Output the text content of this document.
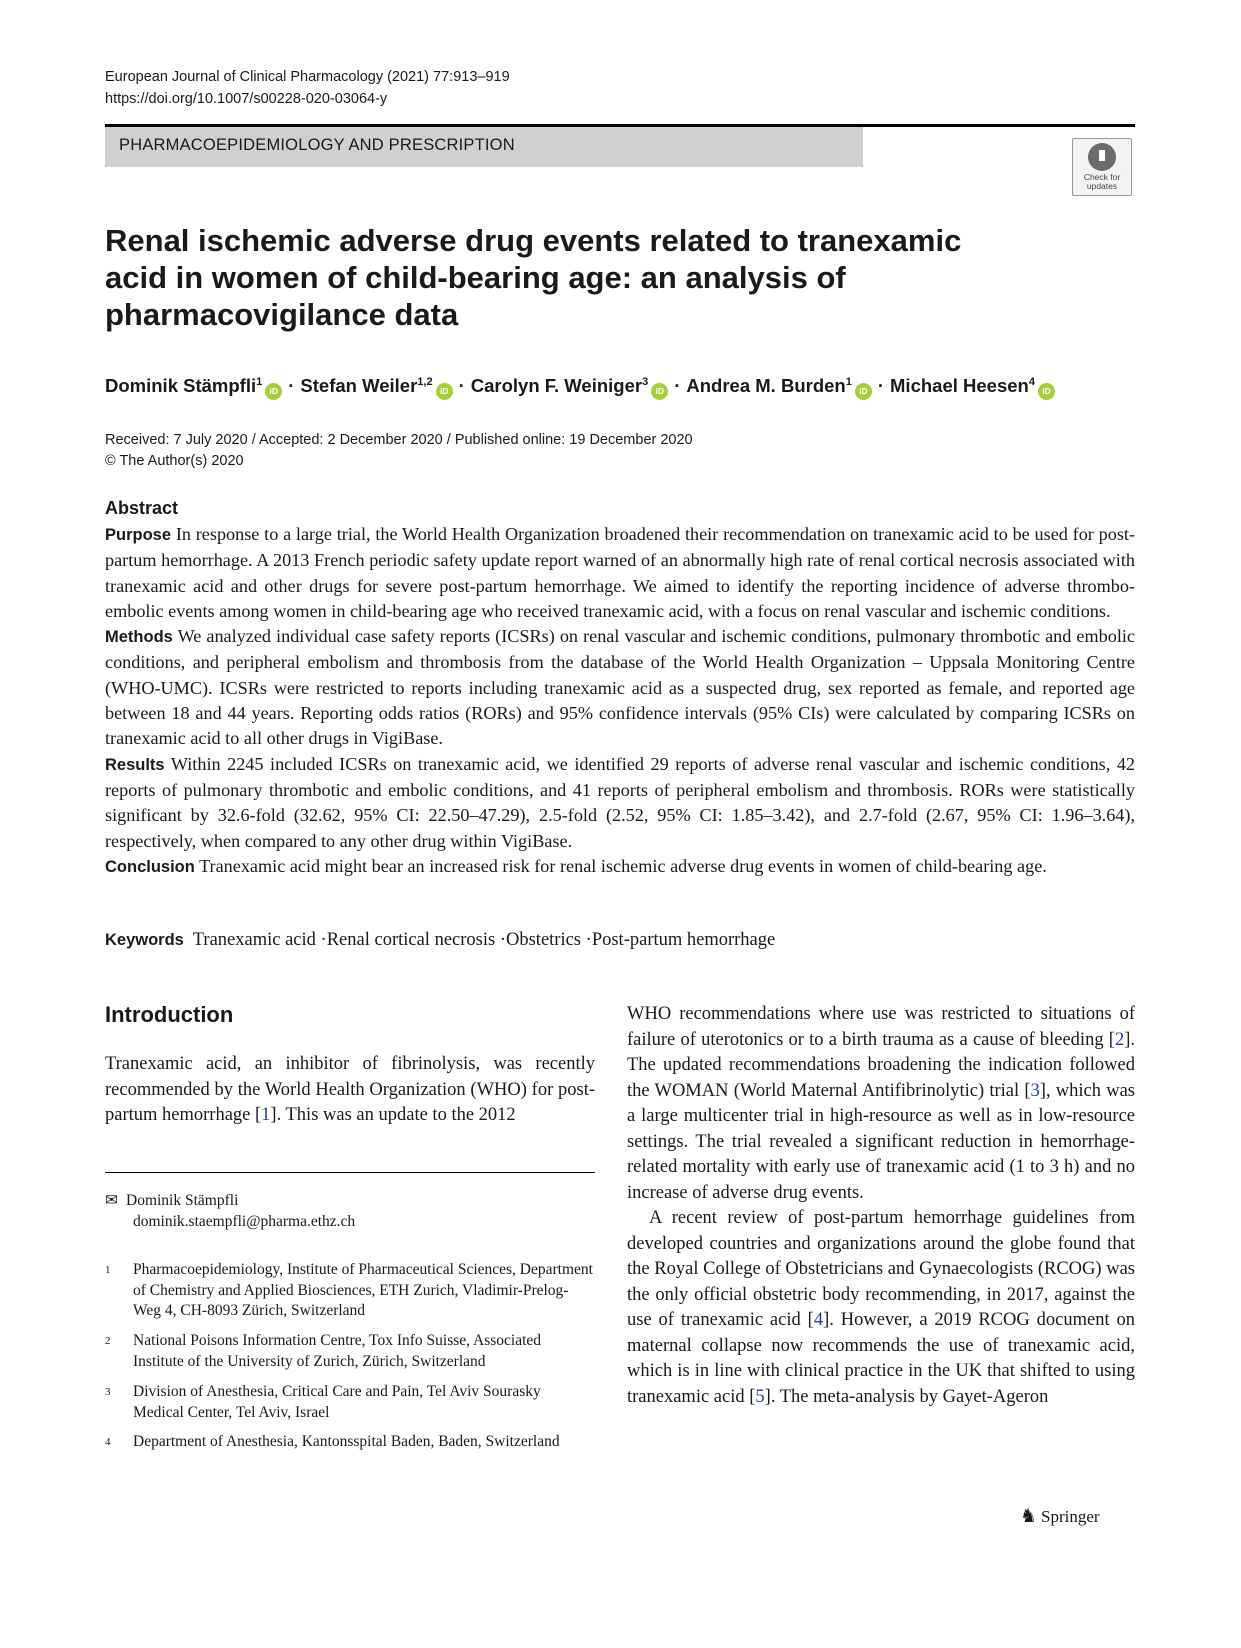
European Journal of Clinical Pharmacology (2021) 77:913–919
https://doi.org/10.1007/s00228-020-03064-y
PHARMACOEPIDEMIOLOGY AND PRESCRIPTION
Check for
updates
Renal ischemic adverse drug events related to tranexamic acid in women of child-bearing age: an analysis of pharmacovigilance data
Dominik Stämpfli$^1$iD · Stefan Weiler$^{1,2}$iD · Carolyn F. Weiniger$^3$iD · Andrea M. Burden$^1$iD · Michael Heesen$^4$iD
Received: 7 July 2020 / Accepted: 2 December 2020 / Published online: 19 December 2020
© The Author(s) 2020
Abstract

Purpose In response to a large trial, the World Health Organization broadened their recommendation on tranexamic acid to be used for post-partum hemorrhage. A 2013 French periodic safety update report warned of an abnormally high rate of renal cortical necrosis associated with tranexamic acid and other drugs for severe post-partum hemorrhage. We aimed to identify the reporting incidence of adverse thrombo-embolic events among women in child-bearing age who received tranexamic acid, with a focus on renal vascular and ischemic conditions.

Methods We analyzed individual case safety reports (ICSRs) on renal vascular and ischemic conditions, pulmonary thrombotic and embolic conditions, and peripheral embolism and thrombosis from the database of the World Health Organization – Uppsala Monitoring Centre (WHO-UMC). ICSRs were restricted to reports including tranexamic acid as a suspected drug, sex reported as female, and reported age between 18 and 44 years. Reporting odds ratios (RORs) and 95% confidence intervals (95% CIs) were calculated by comparing ICSRs on tranexamic acid to all other drugs in VigiBase.

Results Within 2245 included ICSRs on tranexamic acid, we identified 29 reports of adverse renal vascular and ischemic conditions, 42 reports of pulmonary thrombotic and embolic conditions, and 41 reports of peripheral embolism and thrombosis. RORs were statistically significant by 32.6-fold (32.62, 95% CI: 22.50–47.29), 2.5-fold (2.52, 95% CI: 1.85–3.42), and 2.7-fold (2.67, 95% CI: 1.96–3.64), respectively, when compared to any other drug within VigiBase.

Conclusion Tranexamic acid might bear an increased risk for renal ischemic adverse drug events in women of child-bearing age.

Keywords Tranexamic acid ·Renal cortical necrosis ·Obstetrics ·Post-partum hemorrhage
Introduction

Tranexamic acid, an inhibitor of fibrinolysis, was recently recommended by the World Health Organization (WHO) for post-partum hemorrhage [1]. This was an update to the 2012

✉ Dominik Stämpfli
dominik.staempfli@pharma.ethz.ch
1 Pharmacoepidemiology, Institute of Pharmaceutical Sciences, Department of Chemistry and Applied Biosciences, ETH Zurich, Vladimir-Prelog-Weg 4, CH-8093 Zürich, Switzerland
2 National Poisons Information Centre, Tox Info Suisse, Associated Institute of the University of Zurich, Zürich, Switzerland
3 Division of Anesthesia, Critical Care and Pain, Tel Aviv Sourasky Medical Center, Tel Aviv, Israel
4 Department of Anesthesia, Kantonsspital Baden, Baden, Switzerland

WHO recommendations where use was restricted to situations of failure of uterotonics or to a birth trauma as a cause of bleeding [2]. The updated recommendations broadening the indication followed the WOMAN (World Maternal Antifibrinolytic) trial [3], which was a large multicenter trial in high-resource as well as in low-resource settings. The trial revealed a significant reduction in hemorrhage-related mortality with early use of tranexamic acid (1 to 3 h) and no increase of adverse drug events.

A recent review of post-partum hemorrhage guidelines from developed countries and organizations around the globe found that the Royal College of Obstetricians and Gynaecologists (RCOG) was the only official obstetric body recommending, in 2017, against the use of tranexamic acid [4]. However, a 2019 RCOG document on maternal collapse now recommends the use of tranexamic acid, which is in line with clinical practice in the UK that shifted to using tranexamic acid [5]. The meta-analysis by Gayet-Ageron

♞ Springer
